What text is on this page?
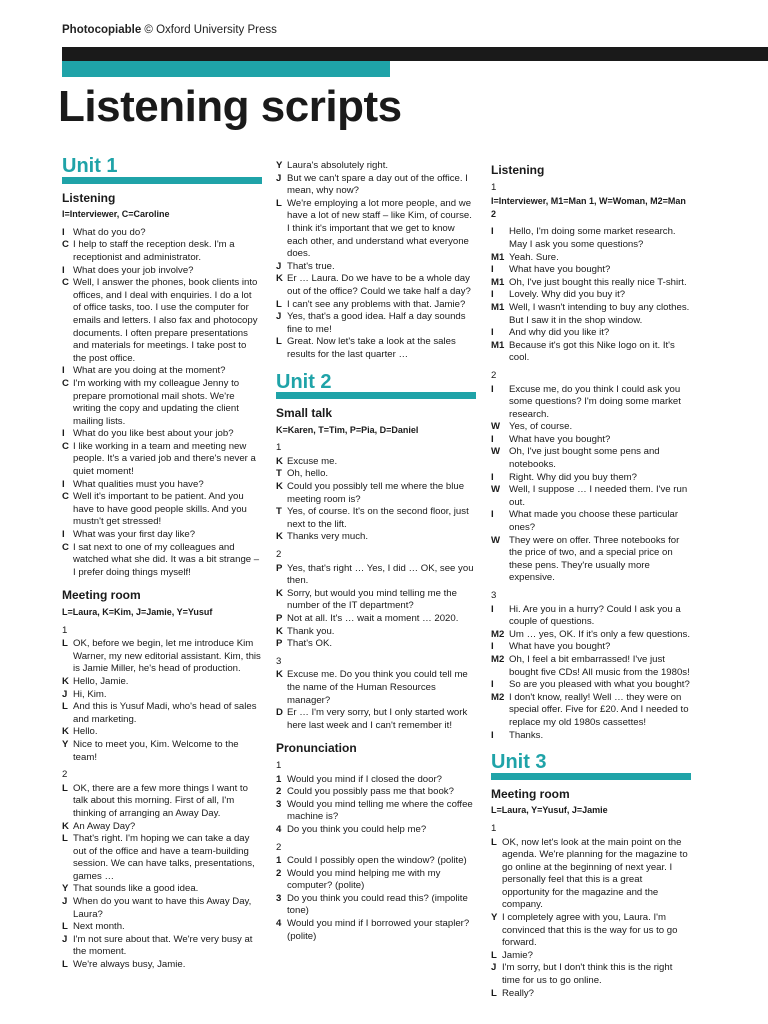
Photocopiable © Oxford University Press
Listening scripts
Unit 1
Listening
I=Interviewer, C=Caroline
I What do you do?
C I help to staff the reception desk. I'm a receptionist and administrator.
I What does your job involve?
C Well, I answer the phones, book clients into offices, and I deal with enquiries. I do a lot of office tasks, too. I use the computer for emails and letters. I also fax and photocopy documents. I often prepare presentations and materials for meetings. I take post to the post office.
I What are you doing at the moment?
C I'm working with my colleague Jenny to prepare promotional mail shots. We're writing the copy and updating the client mailing lists.
I What do you like best about your job?
C I like working in a team and meeting new people. It's a varied job and there's never a quiet moment!
I What qualities must you have?
C Well it's important to be patient. And you have to have good people skills. And you mustn't get stressed!
I What was your first day like?
C I sat next to one of my colleagues and watched what she did. It was a bit strange – I prefer doing things myself!
Meeting room
L=Laura, K=Kim, J=Jamie, Y=Yusuf
1
L OK, before we begin, let me introduce Kim Warner, my new editorial assistant. Kim, this is Jamie Miller, he's head of production.
K Hello, Jamie.
J Hi, Kim.
L And this is Yusuf Madi, who's head of sales and marketing.
K Hello.
Y Nice to meet you, Kim. Welcome to the team!
2
L OK, there are a few more things I want to talk about this morning. First of all, I'm thinking of arranging an Away Day.
K An Away Day?
L That's right. I'm hoping we can take a day out of the office and have a team-building session. We can have talks, presentations, games …
Y That sounds like a good idea.
J When do you want to have this Away Day, Laura?
L Next month.
J I'm not sure about that. We're very busy at the moment.
L We're always busy, Jamie.
Y Laura's absolutely right.
J But we can't spare a day out of the office. I mean, why now?
L We're employing a lot more people, and we have a lot of new staff – like Kim, of course. I think it's important that we get to know each other, and understand what everyone does.
J That's true.
K Er … Laura. Do we have to be a whole day out of the office? Could we take half a day?
L I can't see any problems with that. Jamie?
J Yes, that's a good idea. Half a day sounds fine to me!
L Great. Now let's take a look at the sales results for the last quarter …
Unit 2
Small talk
K=Karen, T=Tim, P=Pia, D=Daniel
1
K Excuse me.
T Oh, hello.
K Could you possibly tell me where the blue meeting room is?
T Yes, of course. It's on the second floor, just next to the lift.
K Thanks very much.
2
P Yes, that's right … Yes, I did … OK, see you then.
K Sorry, but would you mind telling me the number of the IT department?
P Not at all. It's … wait a moment … 2020.
K Thank you.
P That's OK.
3
K Excuse me. Do you think you could tell me the name of the Human Resources manager?
D Er … I'm very sorry, but I only started work here last week and I can't remember it!
Pronunciation
1
1 Would you mind if I closed the door?
2 Could you possibly pass me that book?
3 Would you mind telling me where the coffee machine is?
4 Do you think you could help me?
2
1 Could I possibly open the window? (polite)
2 Would you mind helping me with my computer? (polite)
3 Do you think you could read this? (impolite tone)
4 Would you mind if I borrowed your stapler? (polite)
Listening
1
I=Interviewer, M1=Man 1, W=Woman, M2=Man 2
I	Hello, I'm doing some market research. May I ask you some questions?
M1 Yeah. Sure.
I	What have you bought?
M1 Oh, I've just bought this really nice T-shirt.
I	Lovely. Why did you buy it?
M1 Well, I wasn't intending to buy any clothes. But I saw it in the shop window.
I	And why did you like it?
M1 Because it's got this Nike logo on it. It's cool.
2
I	Excuse me, do you think I could ask you some questions? I'm doing some market research.
W Yes, of course.
I	What have you bought?
W Oh, I've just bought some pens and notebooks.
I	Right. Why did you buy them?
W Well, I suppose … I needed them. I've run out.
I	What made you choose these particular ones?
W They were on offer. Three notebooks for the price of two, and a special price on these pens. They're usually more expensive.
3
I	Hi. Are you in a hurry? Could I ask you a couple of questions.
M2 Um … yes, OK. If it's only a few questions.
I	What have you bought?
M2 Oh, I feel a bit embarrassed! I've just bought five CDs! All music from the 1980s!
I	So are you pleased with what you bought?
M2 I don't know, really! Well … they were on special offer. Five for £20. And I needed to replace my old 1980s cassettes!
I	Thanks.
Unit 3
Meeting room
L=Laura, Y=Yusuf, J=Jamie
1
L OK, now let's look at the main point on the agenda. We're planning for the magazine to go online at the beginning of next year. I personally feel that this is a great opportunity for the magazine and the company.
Y I completely agree with you, Laura. I'm convinced that this is the way for us to go forward.
L Jamie?
J I'm sorry, but I don't think this is the right time for us to go online.
L Really?
